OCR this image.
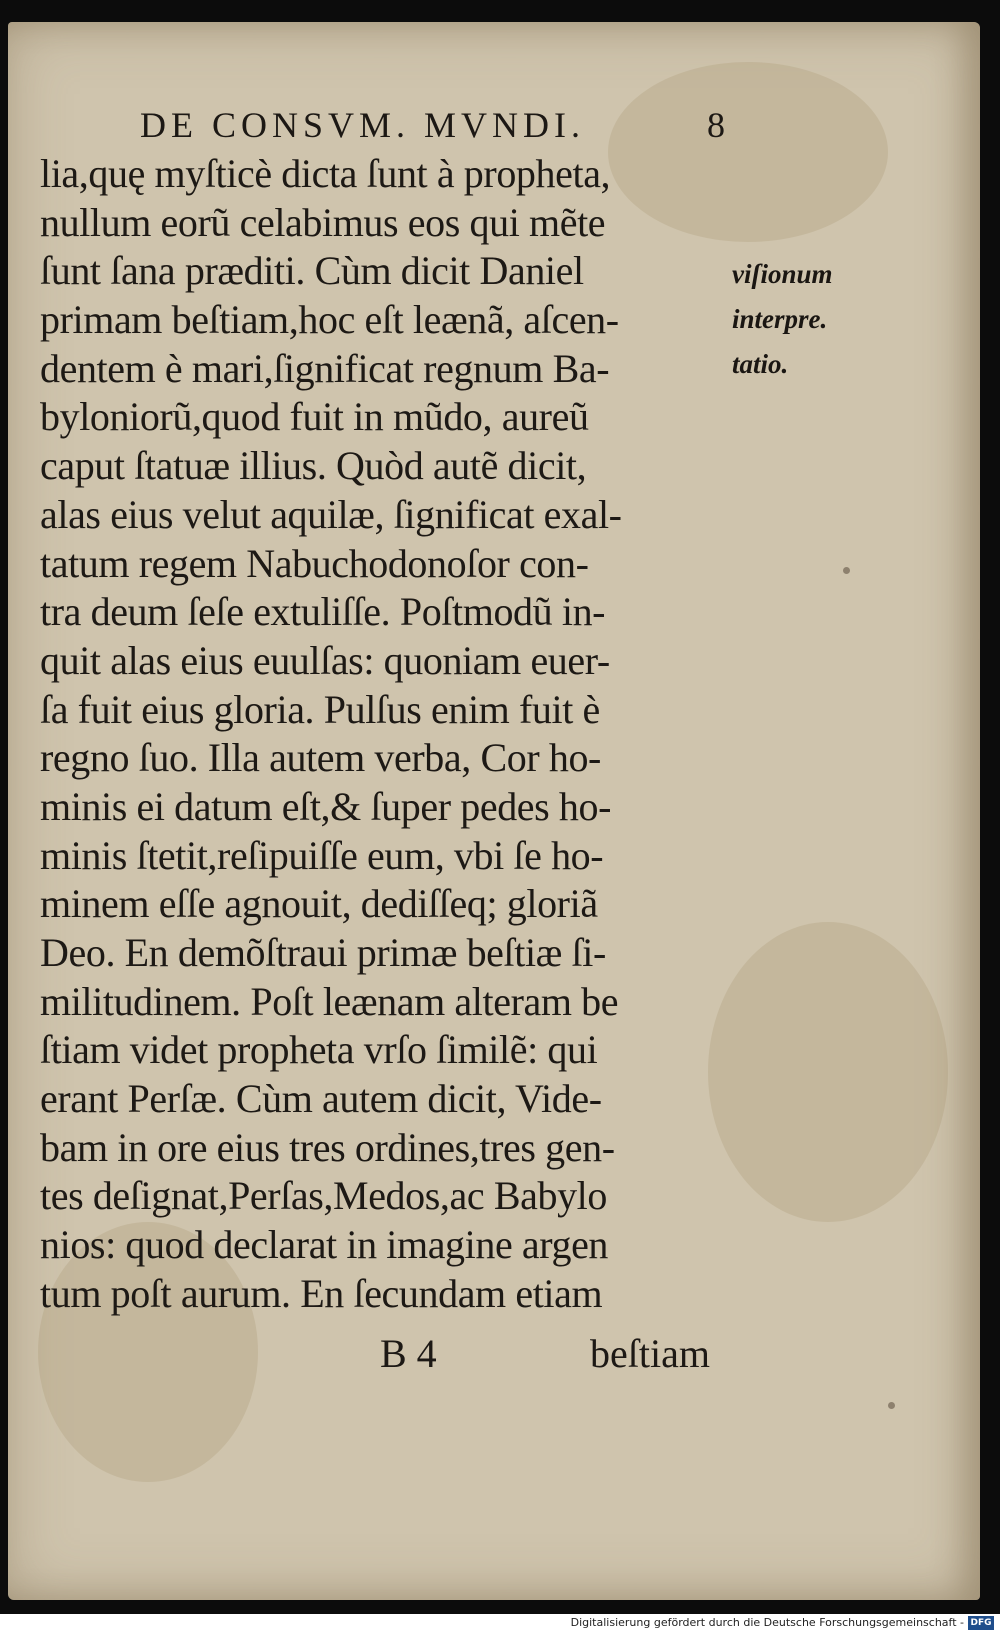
DE CONSVM. MVNDI.	8
lia,quę myſticè dicta ſunt à propheta,
nullum eorũ celabimus eos qui mẽte
ſunt ſana præditi. Cùm dicit Daniel
primam beſtiam,hoc eſt leænã, aſcen-
dentem è mari,ſignificat regnum Ba-
byloniorũ,quod fuit in mũdo, aureũ
caput ſtatuæ illius. Quòd autẽ dicit,
alas eius velut aquilæ, ſignificat exal-
tatum regem Nabuchodonoſor con-
tra deum ſeſe extuliſſe. Poſtmodũ in-
quit alas eius euulſas: quoniam euer-
ſa fuit eius gloria. Pulſus enim fuit è
regno ſuo. Illa autem verba, Cor ho-
minis ei datum eſt,& ſuper pedes ho-
minis ſtetit,reſipuiſſe eum, vbi ſe ho-
minem eſſe agnouit, dediſſeq; gloriã
Deo. En demõſtraui primæ beſtiæ ſi-
militudinem. Poſt leænam alteram be
ſtiam videt propheta vrſo ſimilẽ: qui
erant Perſæ. Cùm autem dicit, Vide-
bam in ore eius tres ordines,tres gen-
tes deſignat,Perſas,Medos,ac Babylo
nios: quod declarat in imagine argen
tum poſt aurum. En ſecundam etiam
viſionum
interpre.
tatio.
B 4	beſtiam
Digitalisierung gefördert durch die Deutsche Forschungsgemeinschaft - DFG
